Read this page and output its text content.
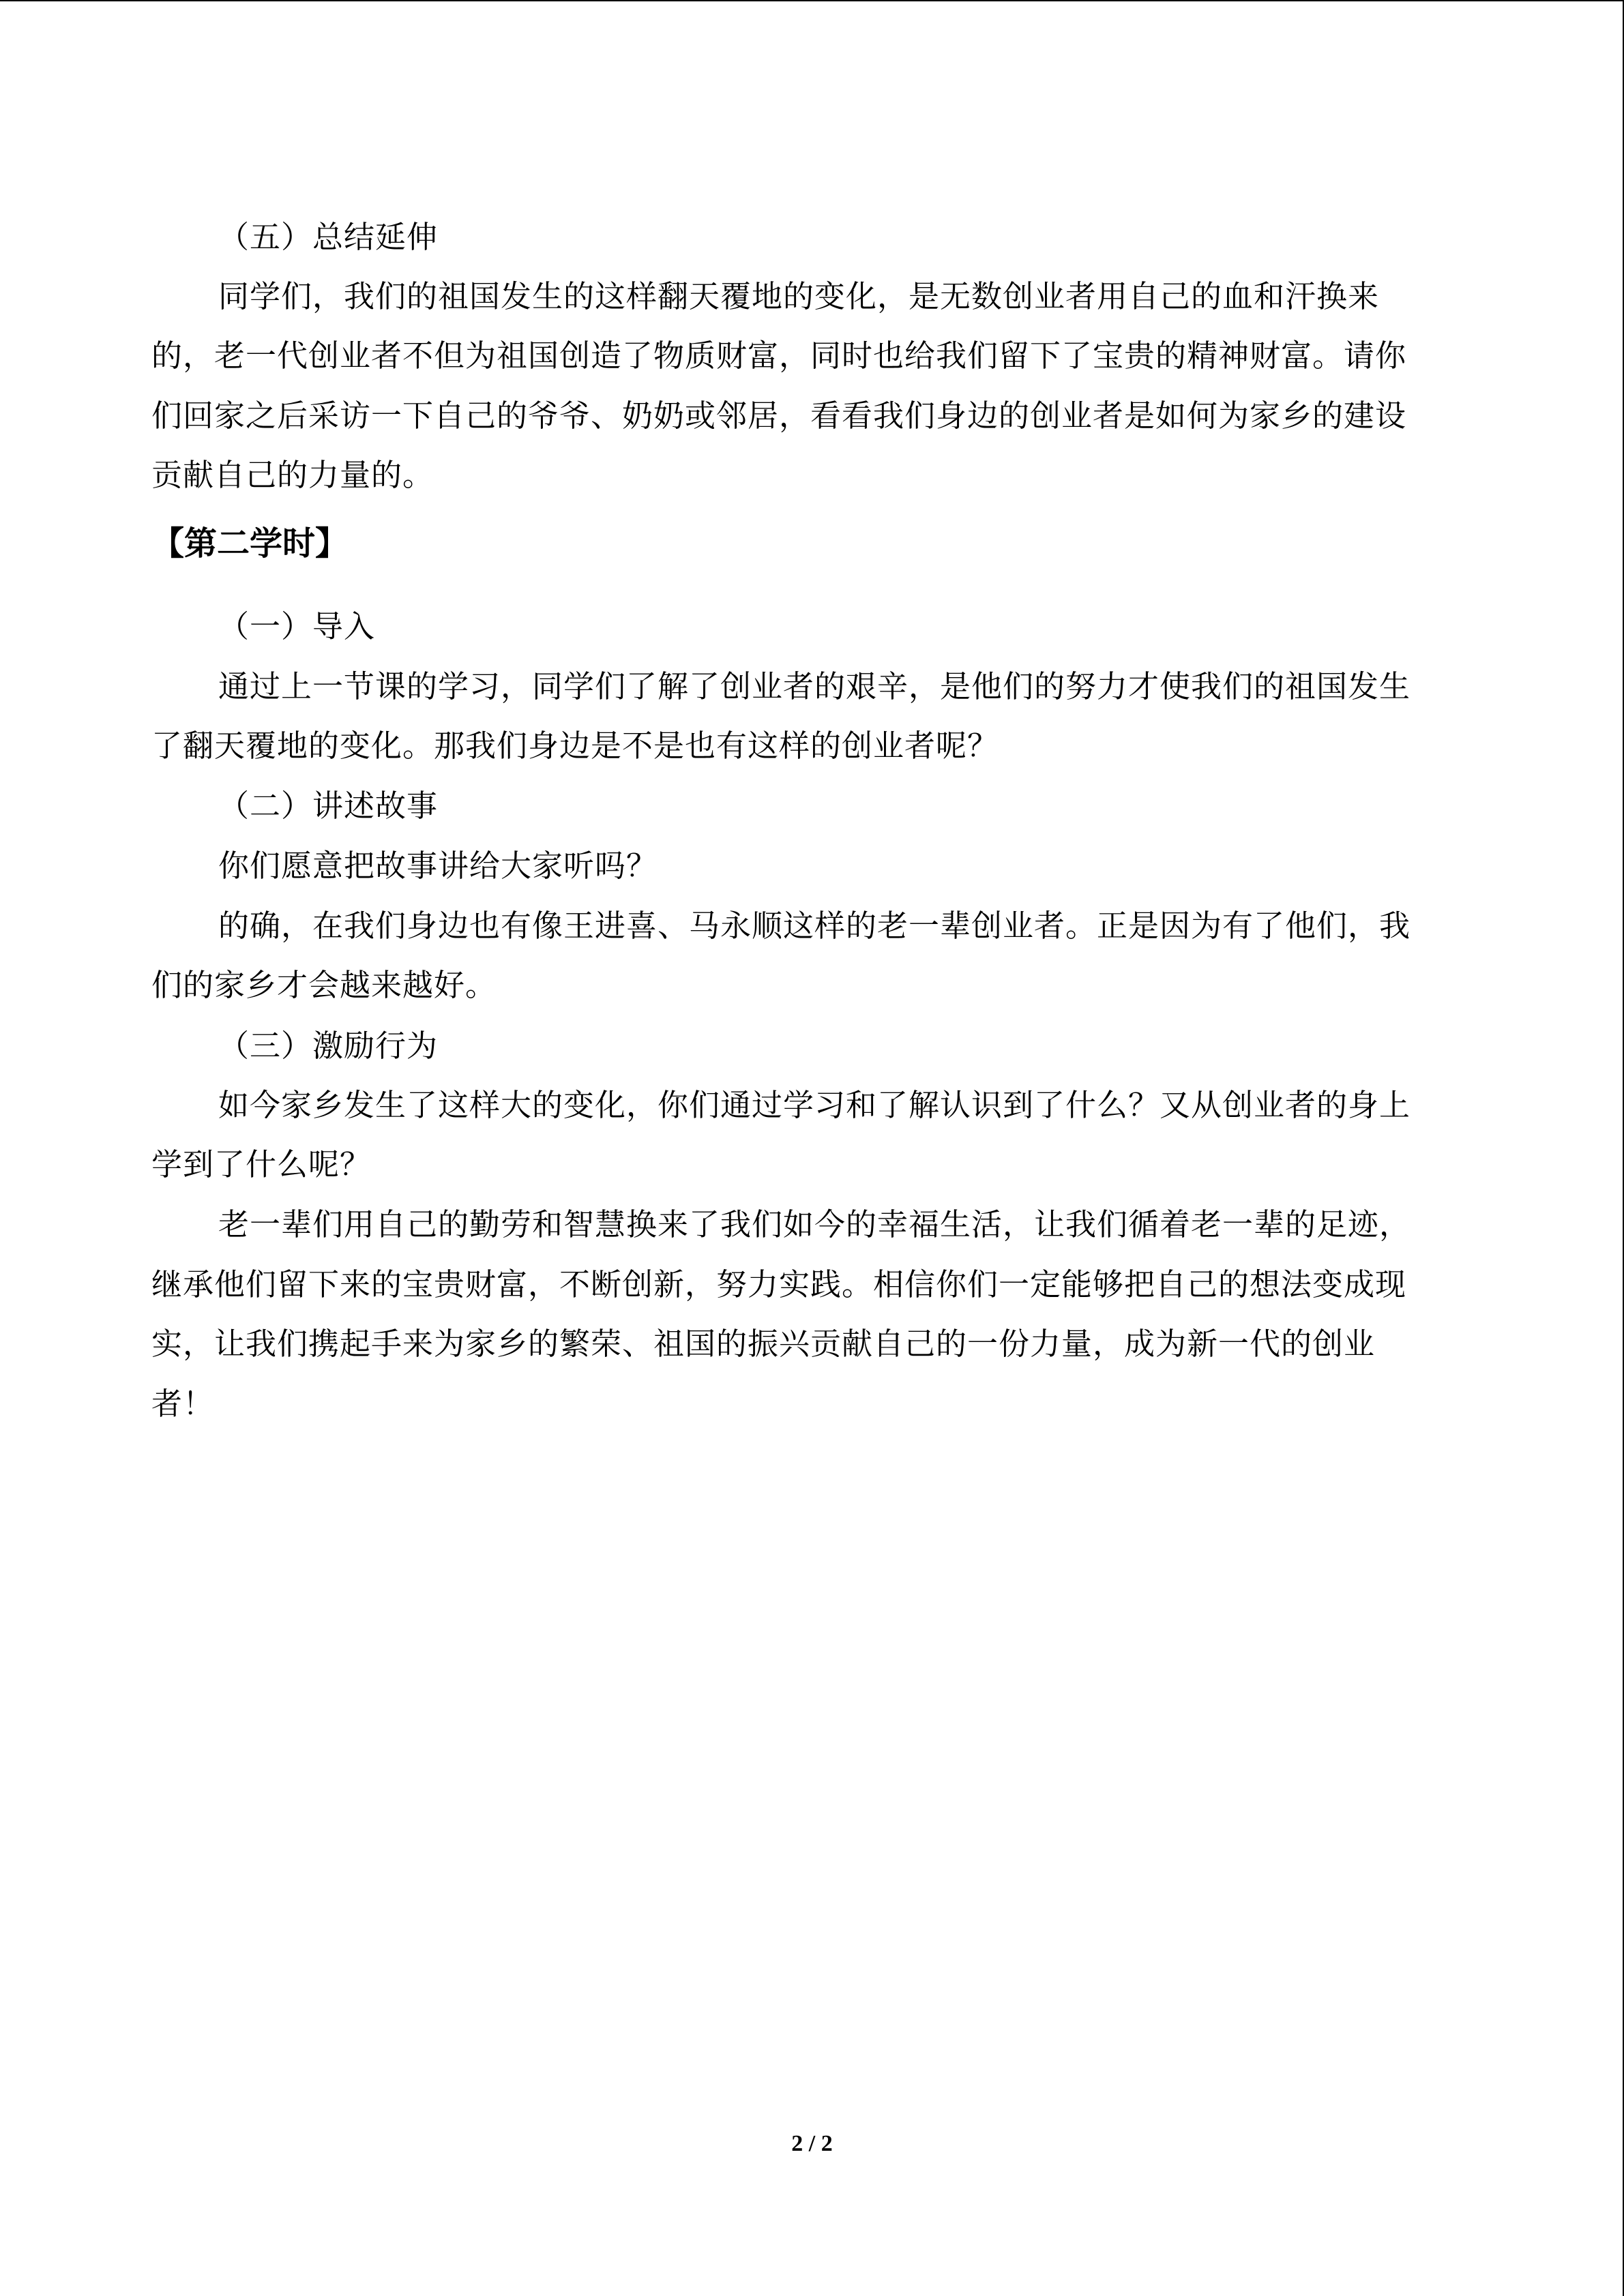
（五）总结延伸
同学们，我们的祖国发生的这样翻天覆地的变化，是无数创业者用自己的血和汗换来
的，老一代创业者不但为祖国创造了物质财富，同时也给我们留下了宝贵的精神财富。请你
们回家之后采访一下自己的爷爷、奶奶或邻居，看看我们身边的创业者是如何为家乡的建设
贡献自己的力量的。
【第二学时】
（一）导入
通过上一节课的学习，同学们了解了创业者的艰辛，是他们的努力才使我们的祖国发生
了翻天覆地的变化。那我们身边是不是也有这样的创业者呢？
（二）讲述故事
你们愿意把故事讲给大家听吗？
的确，在我们身边也有像王进喜、马永顺这样的老一辈创业者。正是因为有了他们，我
们的家乡才会越来越好。
（三）激励行为
如今家乡发生了这样大的变化，你们通过学习和了解认识到了什么？又从创业者的身上
学到了什么呢？
老一辈们用自己的勤劳和智慧换来了我们如今的幸福生活，让我们循着老一辈的足迹，
继承他们留下来的宝贵财富，不断创新，努力实践。相信你们一定能够把自己的想法变成现
实，让我们携起手来为家乡的繁荣、祖国的振兴贡献自己的一份力量，成为新一代的创业
者！
2 / 2
